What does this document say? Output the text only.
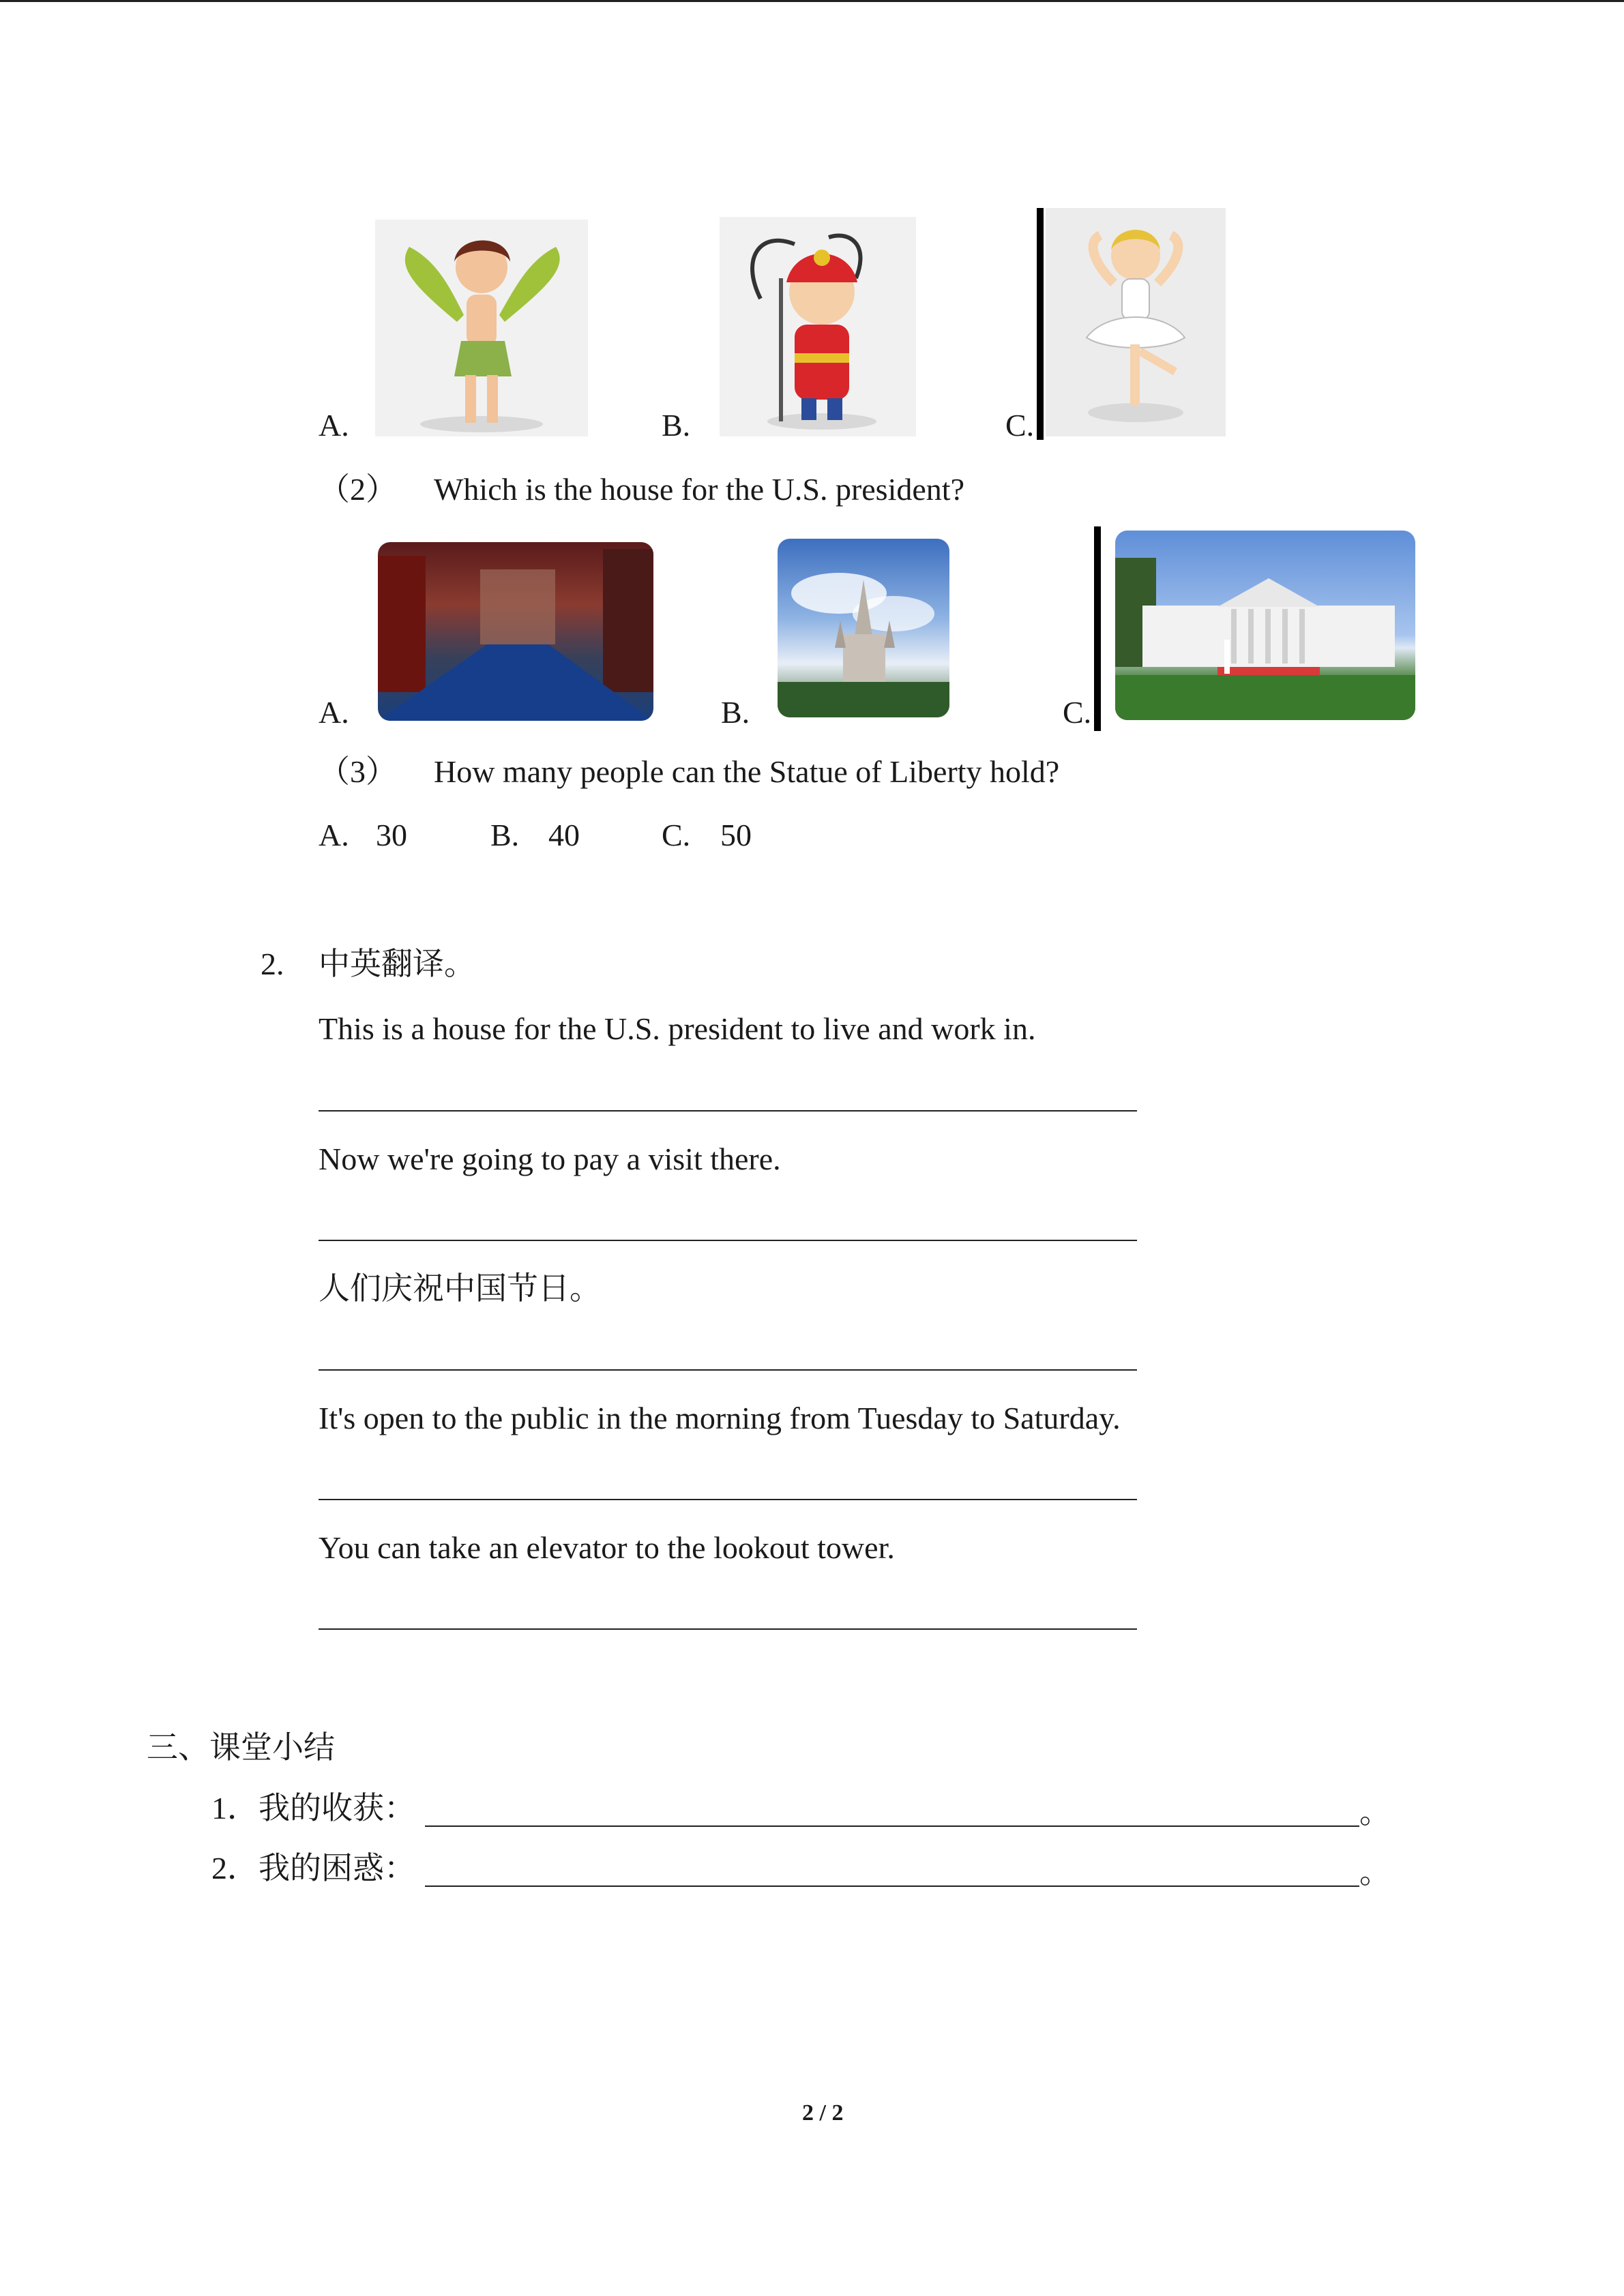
A.	B.	C.
（2） Which is the house for the U.S. president?
A.	B.	C.
（3） How many people can the Statue of Liberty hold?
A. 30	B. 40	C. 50
2. 中英翻译。
This is a house for the U.S. president to live and work in.
Now we're going to pay a visit there.
人们庆祝中国节日。
It's open to the public in the morning from Tuesday to Saturday.
You can take an elevator to the lookout tower.
三、课堂小结
1．我的收获：	。
2．我的困惑：	。
2 / 2
